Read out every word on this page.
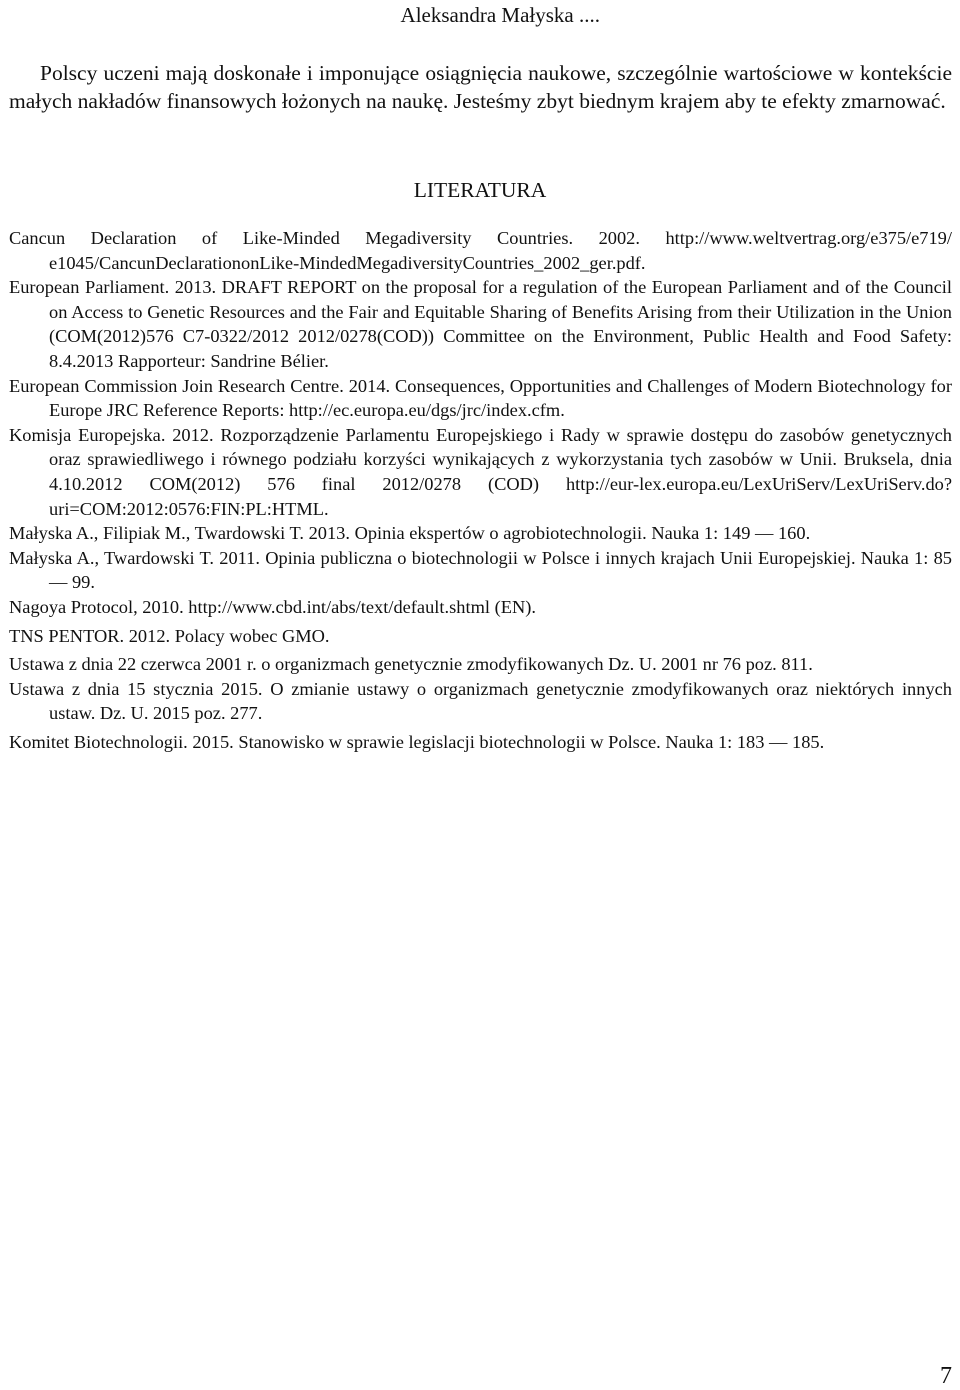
Aleksandra Małyska ....

Polscy uczeni mają doskonałe i imponujące osiągnięcia naukowe, szczególnie wartościowe w kontekście małych nakładów finansowych łożonych na naukę. Jesteśmy zbyt biednym krajem aby te efekty zmarnować.

LITERATURA
Cancun Declaration of Like-Minded Megadiversity Countries. 2002. http://www.weltvertrag.org/e375/e719/ e1045/CancunDeclarationonLike-MindedMegadiversityCountries_2002_ger.pdf.
European Parliament. 2013. DRAFT REPORT on the proposal for a regulation of the European Parliament and of the Council on Access to Genetic Resources and the Fair and Equitable Sharing of Benefits Arising from their Utilization in the Union (COM(2012)576 C7-0322/2012 2012/0278(COD)) Committee on the Environment, Public Health and Food Safety: 8.4.2013 Rapporteur: Sandrine Bélier.
European Commission Join Research Centre. 2014. Consequences, Opportunities and Challenges of Modern Biotechnology for Europe JRC Reference Reports: http://ec.europa.eu/dgs/jrc/index.cfm.
Komisja Europejska. 2012. Rozporządzenie Parlamentu Europejskiego i Rady w sprawie dostępu do zasobów genetycznych oraz sprawiedliwego i równego podziału korzyści wynikających z wykorzystania tych zasobów w Unii. Bruksela, dnia 4.10.2012 COM(2012) 576 final 2012/0278 (COD) http://eur-lex.europa.eu/LexUriServ/LexUriServ.do?uri=COM:2012:0576:FIN:PL:HTML.
Małyska A., Filipiak M., Twardowski T. 2013. Opinia ekspertów o agrobiotechnologii. Nauka 1: 149 — 160.
Małyska A., Twardowski T. 2011. Opinia publiczna o biotechnologii w Polsce i innych krajach Unii Europejskiej. Nauka 1: 85 — 99.
Nagoya Protocol, 2010. http://www.cbd.int/abs/text/default.shtml (EN).
TNS PENTOR. 2012. Polacy wobec GMO.
Ustawa z dnia 22 czerwca 2001 r. o organizmach genetycznie zmodyfikowanych Dz. U. 2001 nr 76 poz. 811.
Ustawa z dnia 15 stycznia 2015. O zmianie ustawy o organizmach genetycznie zmodyfikowanych oraz niektórych innych ustaw. Dz. U. 2015 poz. 277.
Komitet Biotechnologii. 2015. Stanowisko w sprawie legislacji biotechnologii w Polsce. Nauka 1: 183 — 185.
7
